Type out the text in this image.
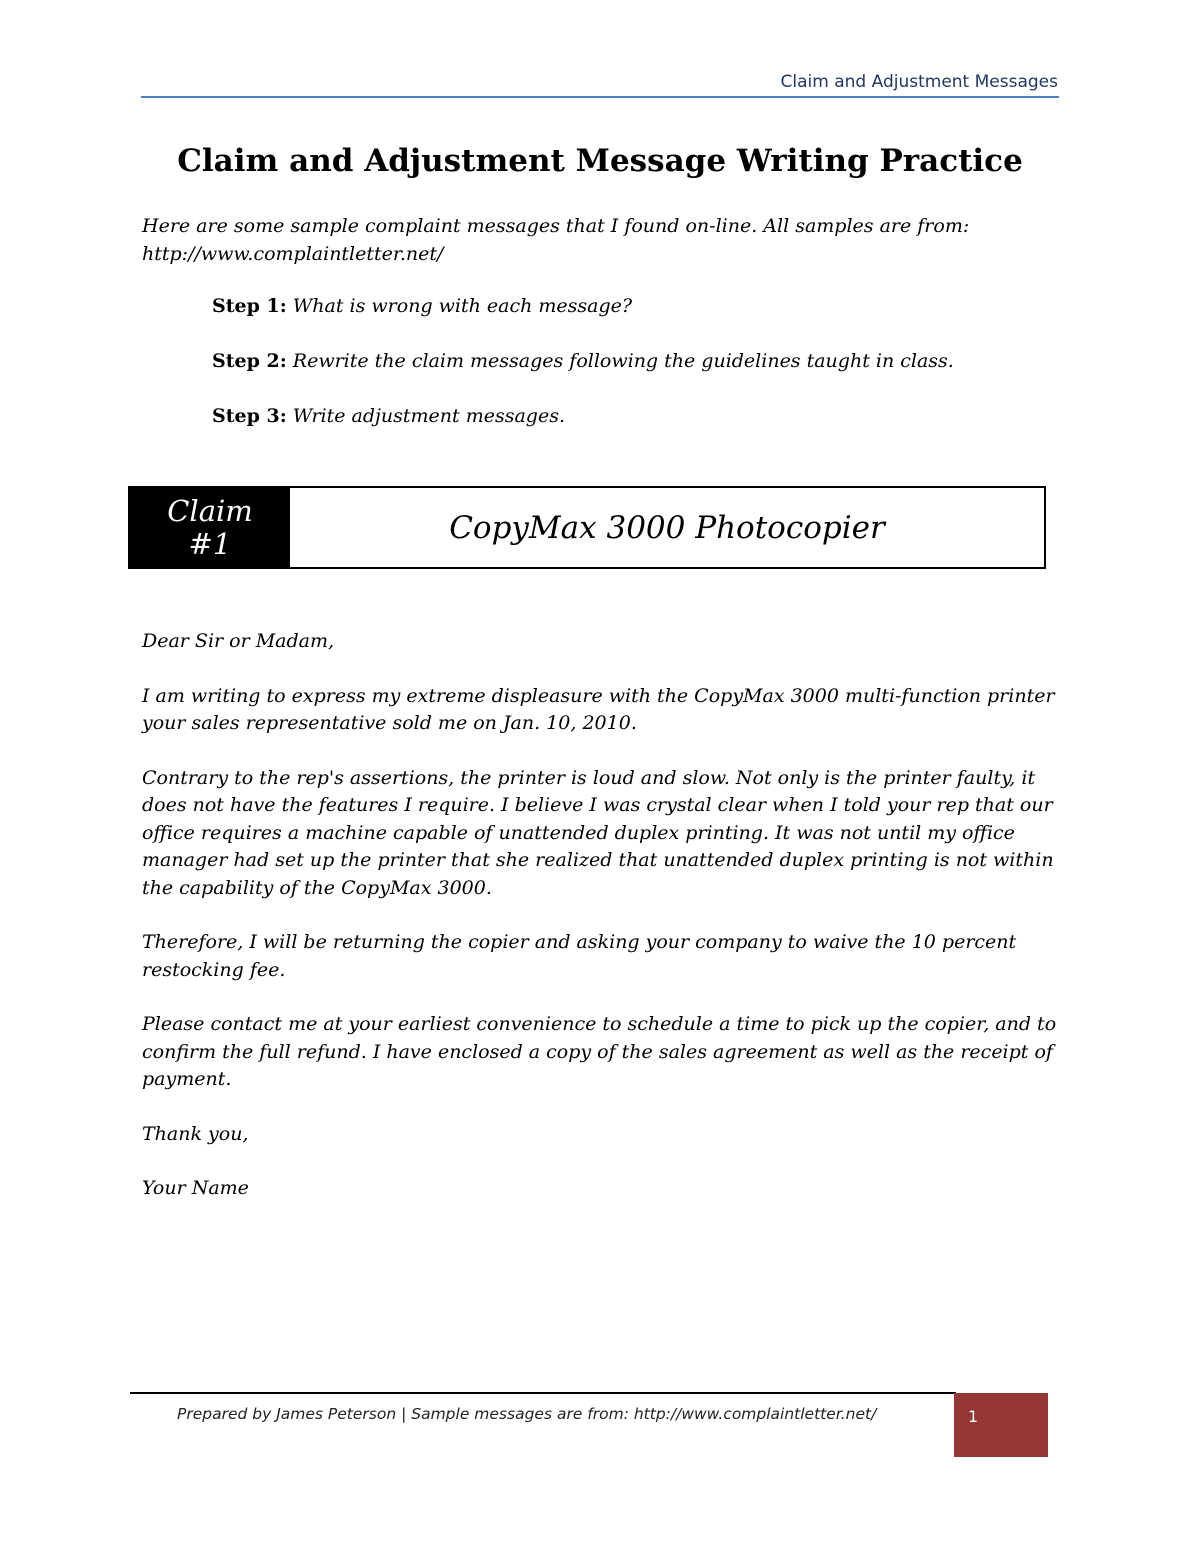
Claim and Adjustment Messages
Claim and Adjustment Message Writing Practice
Here are some sample complaint messages that I found on-line. All samples are from:
http://www.complaintletter.net/
Step 1: What is wrong with each message?
Step 2: Rewrite the claim messages following the guidelines taught in class.
Step 3: Write adjustment messages.
Claim
#1	CopyMax 3000 Photocopier

Dear Sir or Madam,

I am writing to express my extreme displeasure with the CopyMax 3000 multi-function printer your sales representative sold me on Jan. 10, 2010.

Contrary to the rep's assertions, the printer is loud and slow. Not only is the printer faulty, it does not have the features I require. I believe I was crystal clear when I told your rep that our office requires a machine capable of unattended duplex printing. It was not until my office manager had set up the printer that she realized that unattended duplex printing is not within the capability of the CopyMax 3000.

Therefore, I will be returning the copier and asking your company to waive the 10 percent restocking fee.

Please contact me at your earliest convenience to schedule a time to pick up the copier, and to confirm the full refund. I have enclosed a copy of the sales agreement as well as the receipt of payment.

Thank you,

Your Name

Prepared by James Peterson | Sample messages are from: http://www.complaintletter.net/	1
